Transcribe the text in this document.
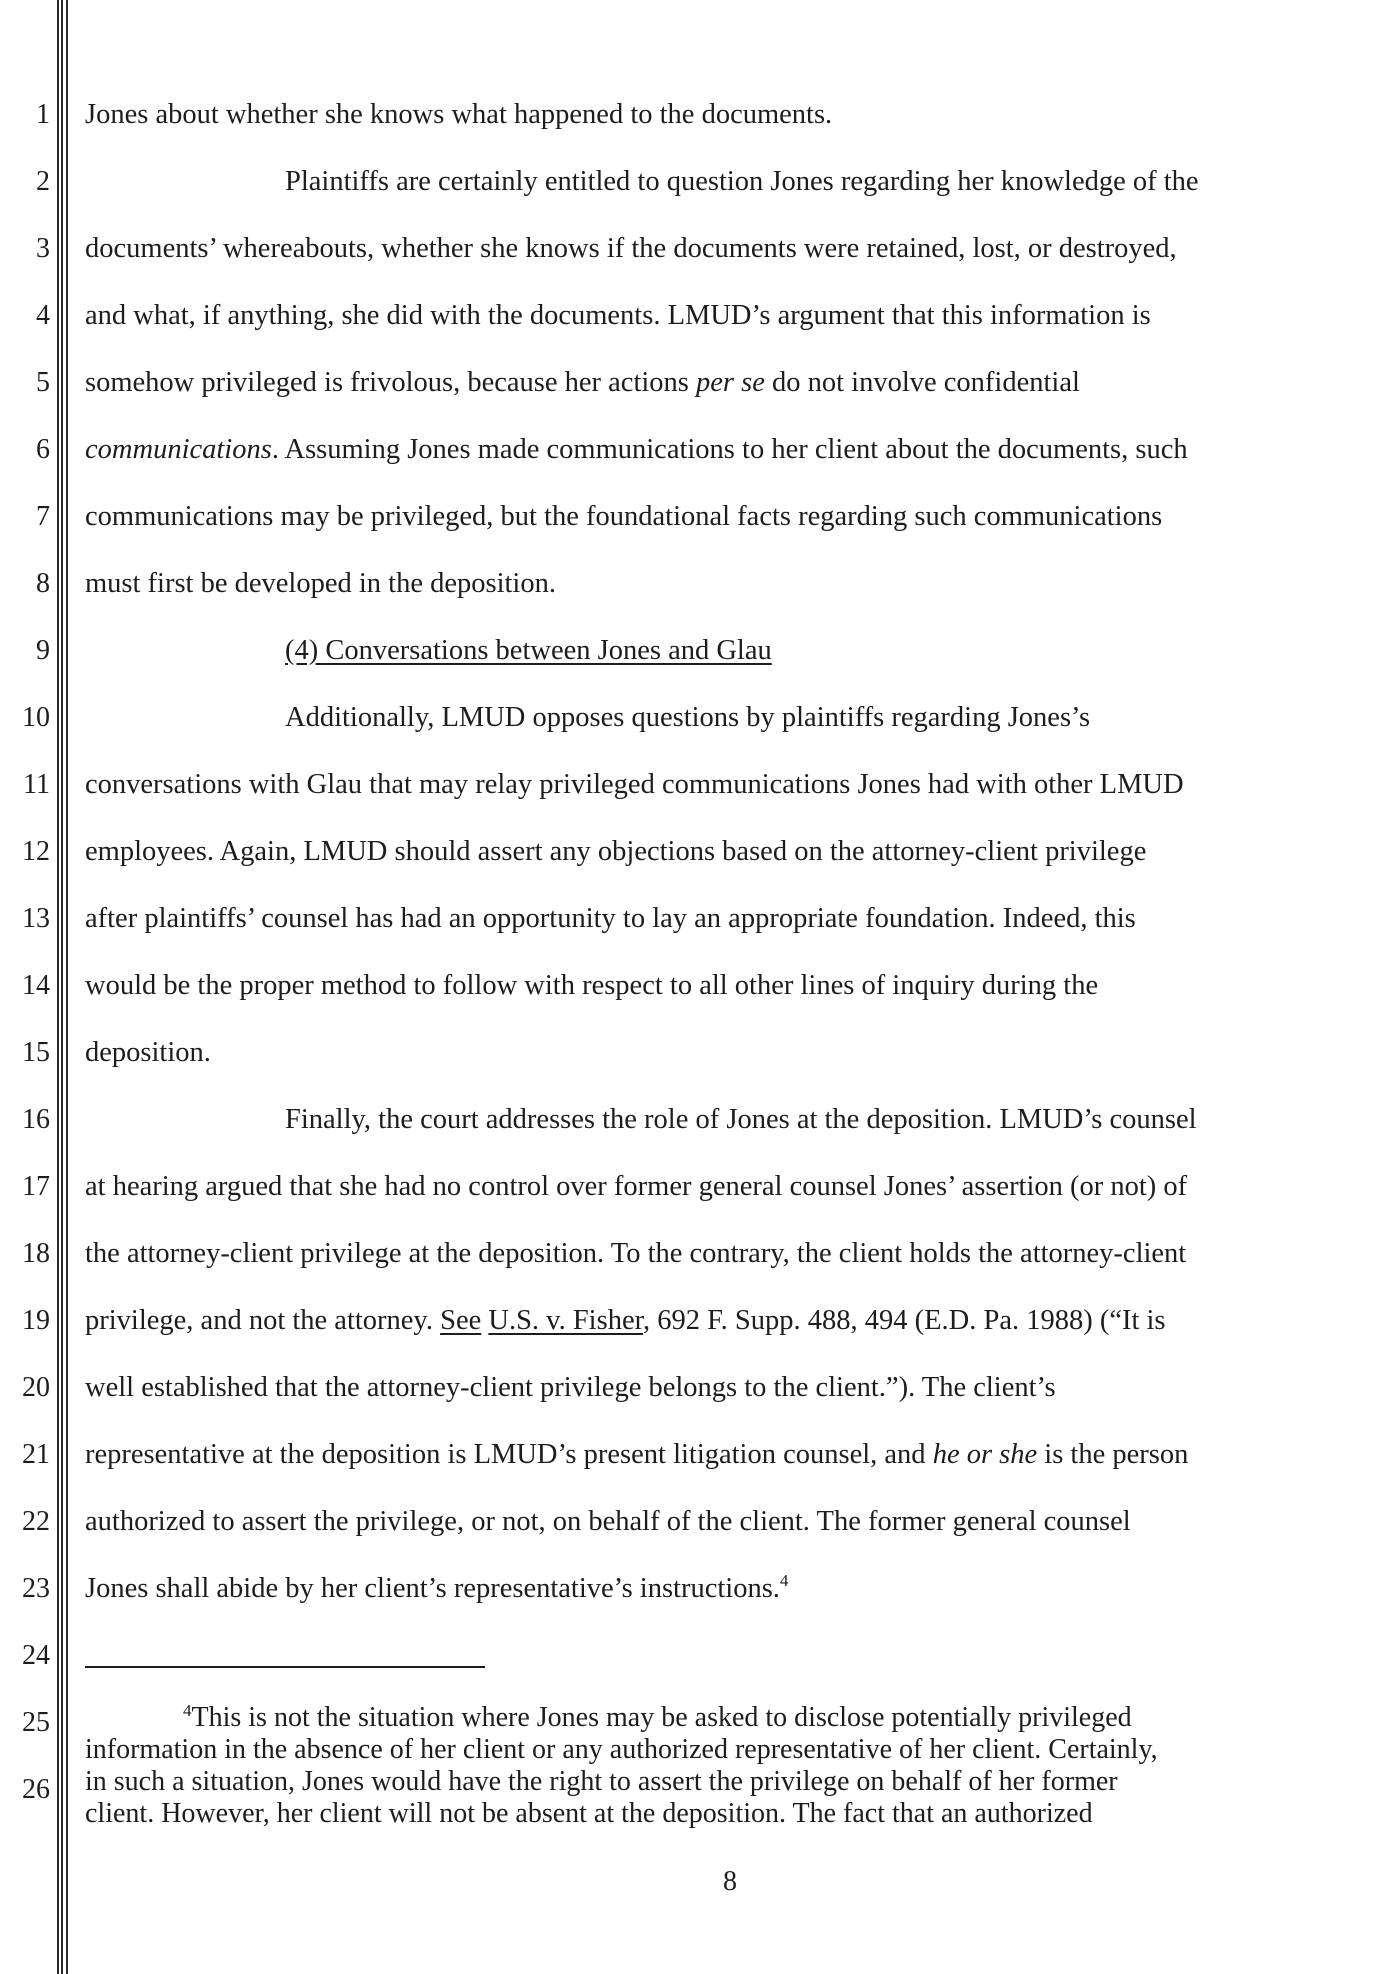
1
2
3
4
5
6
7
8
9
10
11
12
13
14
15
16
17
18
19
20
21
22
23
24
25
26
Jones about whether she knows what happened to the documents.
Plaintiffs are certainly entitled to question Jones regarding her knowledge of the
documents’ whereabouts, whether she knows if the documents were retained, lost, or destroyed,
and what, if anything, she did with the documents. LMUD’s argument that this information is
somehow privileged is frivolous, because her actions per se do not involve confidential
communications. Assuming Jones made communications to her client about the documents, such
communications may be privileged, but the foundational facts regarding such communications
must first be developed in the deposition.
(4) Conversations between Jones and Glau
Additionally, LMUD opposes questions by plaintiffs regarding Jones’s
conversations with Glau that may relay privileged communications Jones had with other LMUD
employees. Again, LMUD should assert any objections based on the attorney-client privilege
after plaintiffs’ counsel has had an opportunity to lay an appropriate foundation. Indeed, this
would be the proper method to follow with respect to all other lines of inquiry during the
deposition.
Finally, the court addresses the role of Jones at the deposition. LMUD’s counsel
at hearing argued that she had no control over former general counsel Jones’ assertion (or not) of
the attorney-client privilege at the deposition. To the contrary, the client holds the attorney-client
privilege, and not the attorney. See U.S. v. Fisher, 692 F. Supp. 488, 494 (E.D. Pa. 1988) (“It is
well established that the attorney-client privilege belongs to the client.”). The client’s
representative at the deposition is LMUD’s present litigation counsel, and he or she is the person
authorized to assert the privilege, or not, on behalf of the client. The former general counsel
Jones shall abide by her client’s representative’s instructions.$^4$
$^4$This is not the situation where Jones may be asked to disclose potentially privileged
information in the absence of her client or any authorized representative of her client. Certainly,
in such a situation, Jones would have the right to assert the privilege on behalf of her former
client. However, her client will not be absent at the deposition. The fact that an authorized
8
